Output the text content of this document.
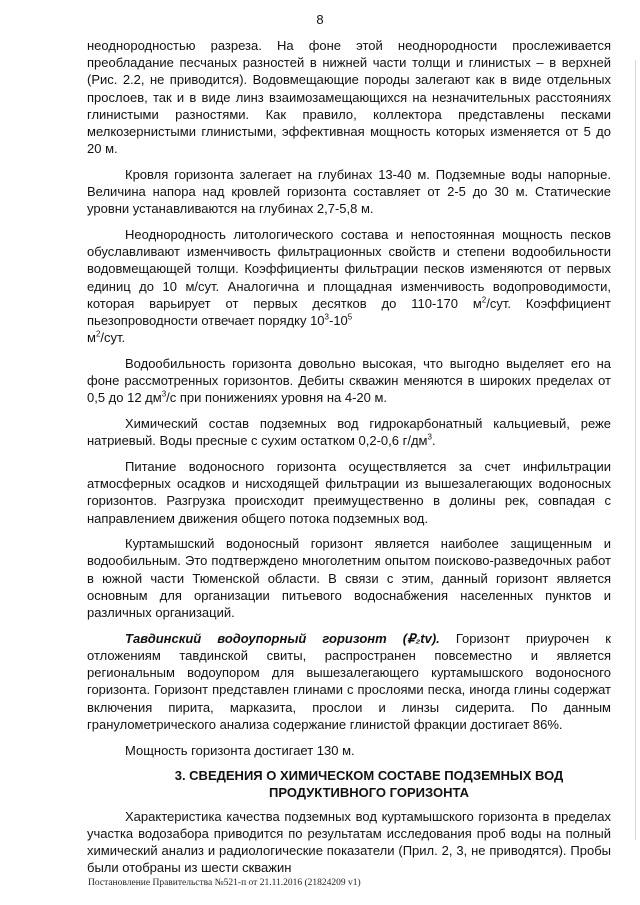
8

неоднородностью разреза. На фоне этой неоднородности прослеживается преобладание песчаных разностей в нижней части толщи и глинистых – в верхней (Рис. 2.2, не приводится). Водовмещающие породы залегают как в виде отдельных прослоев, так и в виде линз взаимозамещающихся на незначительных расстояниях глинистыми разностями. Как правило, коллектора представлены песками мелкозернистыми глинистыми, эффективная мощность которых изменяется от 5 до 20 м.

Кровля горизонта залегает на глубинах 13-40 м. Подземные воды напорные. Величина напора над кровлей горизонта составляет от 2-5 до 30 м. Статические уровни устанавливаются на глубинах 2,7-5,8 м.

Неоднородность литологического состава и непостоянная мощность песков обуславливают изменчивость фильтрационных свойств и степени водообильности водовмещающей толщи. Коэффициенты фильтрации песков изменяются от первых единиц до 10 м/сут. Аналогична и площадная изменчивость водопроводимости, которая варьирует от первых десятков до 110-170 $м^2$/сут. Коэффициент пьезопроводности отвечает порядку $10^3-10^5$
$м^2$/сут.

Водообильность горизонта довольно высокая, что выгодно выделяет его на фоне рассмотренных горизонтов. Дебиты скважин меняются в широких пределах от 0,5 до 12 $дм^3/с$ при понижениях уровня на 4-20 м.

Химический состав подземных вод гидрокарбонатный кальциевый, реже натриевый. Воды пресные с сухим остатком 0,2-0,6 $г/дм^3$.

Питание водоносного горизонта осуществляется за счет инфильтрации атмосферных осадков и нисходящей фильтрации из вышезалегающих водоносных горизонтов. Разгрузка происходит преимущественно в долины рек, совпадая с направлением движения общего потока подземных вод.

Куртамышский водоносный горизонт является наиболее защищенным и водообильным. Это подтверждено многолетним опытом поисково-разведочных работ в южной части Тюменской области. В связи с этим, данный горизонт является основным для организации питьевого водоснабжения населенных пунктов и различных организаций.

Тавдинский водоупорный горизонт (₽₂tv). Горизонт приурочен к отложениям тавдинской свиты, распространен повсеместно и является региональным водоупором для вышезалегающего куртамышского водоносного горизонта. Горизонт представлен глинами с прослоями песка, иногда глины содержат включения пирита, марказита, прослои и линзы сидерита. По данным гранулометрического анализа содержание глинистой фракции достигает 86%.

Мощность горизонта достигает 130 м.

3. СВЕДЕНИЯ О ХИМИЧЕСКОМ СОСТАВЕ ПОДЗЕМНЫХ ВОД
ПРОДУКТИВНОГО ГОРИЗОНТА

Характеристика качества подземных вод куртамышского горизонта в пределах участка водозабора приводится по результатам исследования проб воды на полный химический анализ и радиологические показатели (Прил. 2, 3, не приводятся). Пробы были отобраны из шести скважин

Постановление Правительства №521-п от 21.11.2016 (21824209 v1)
